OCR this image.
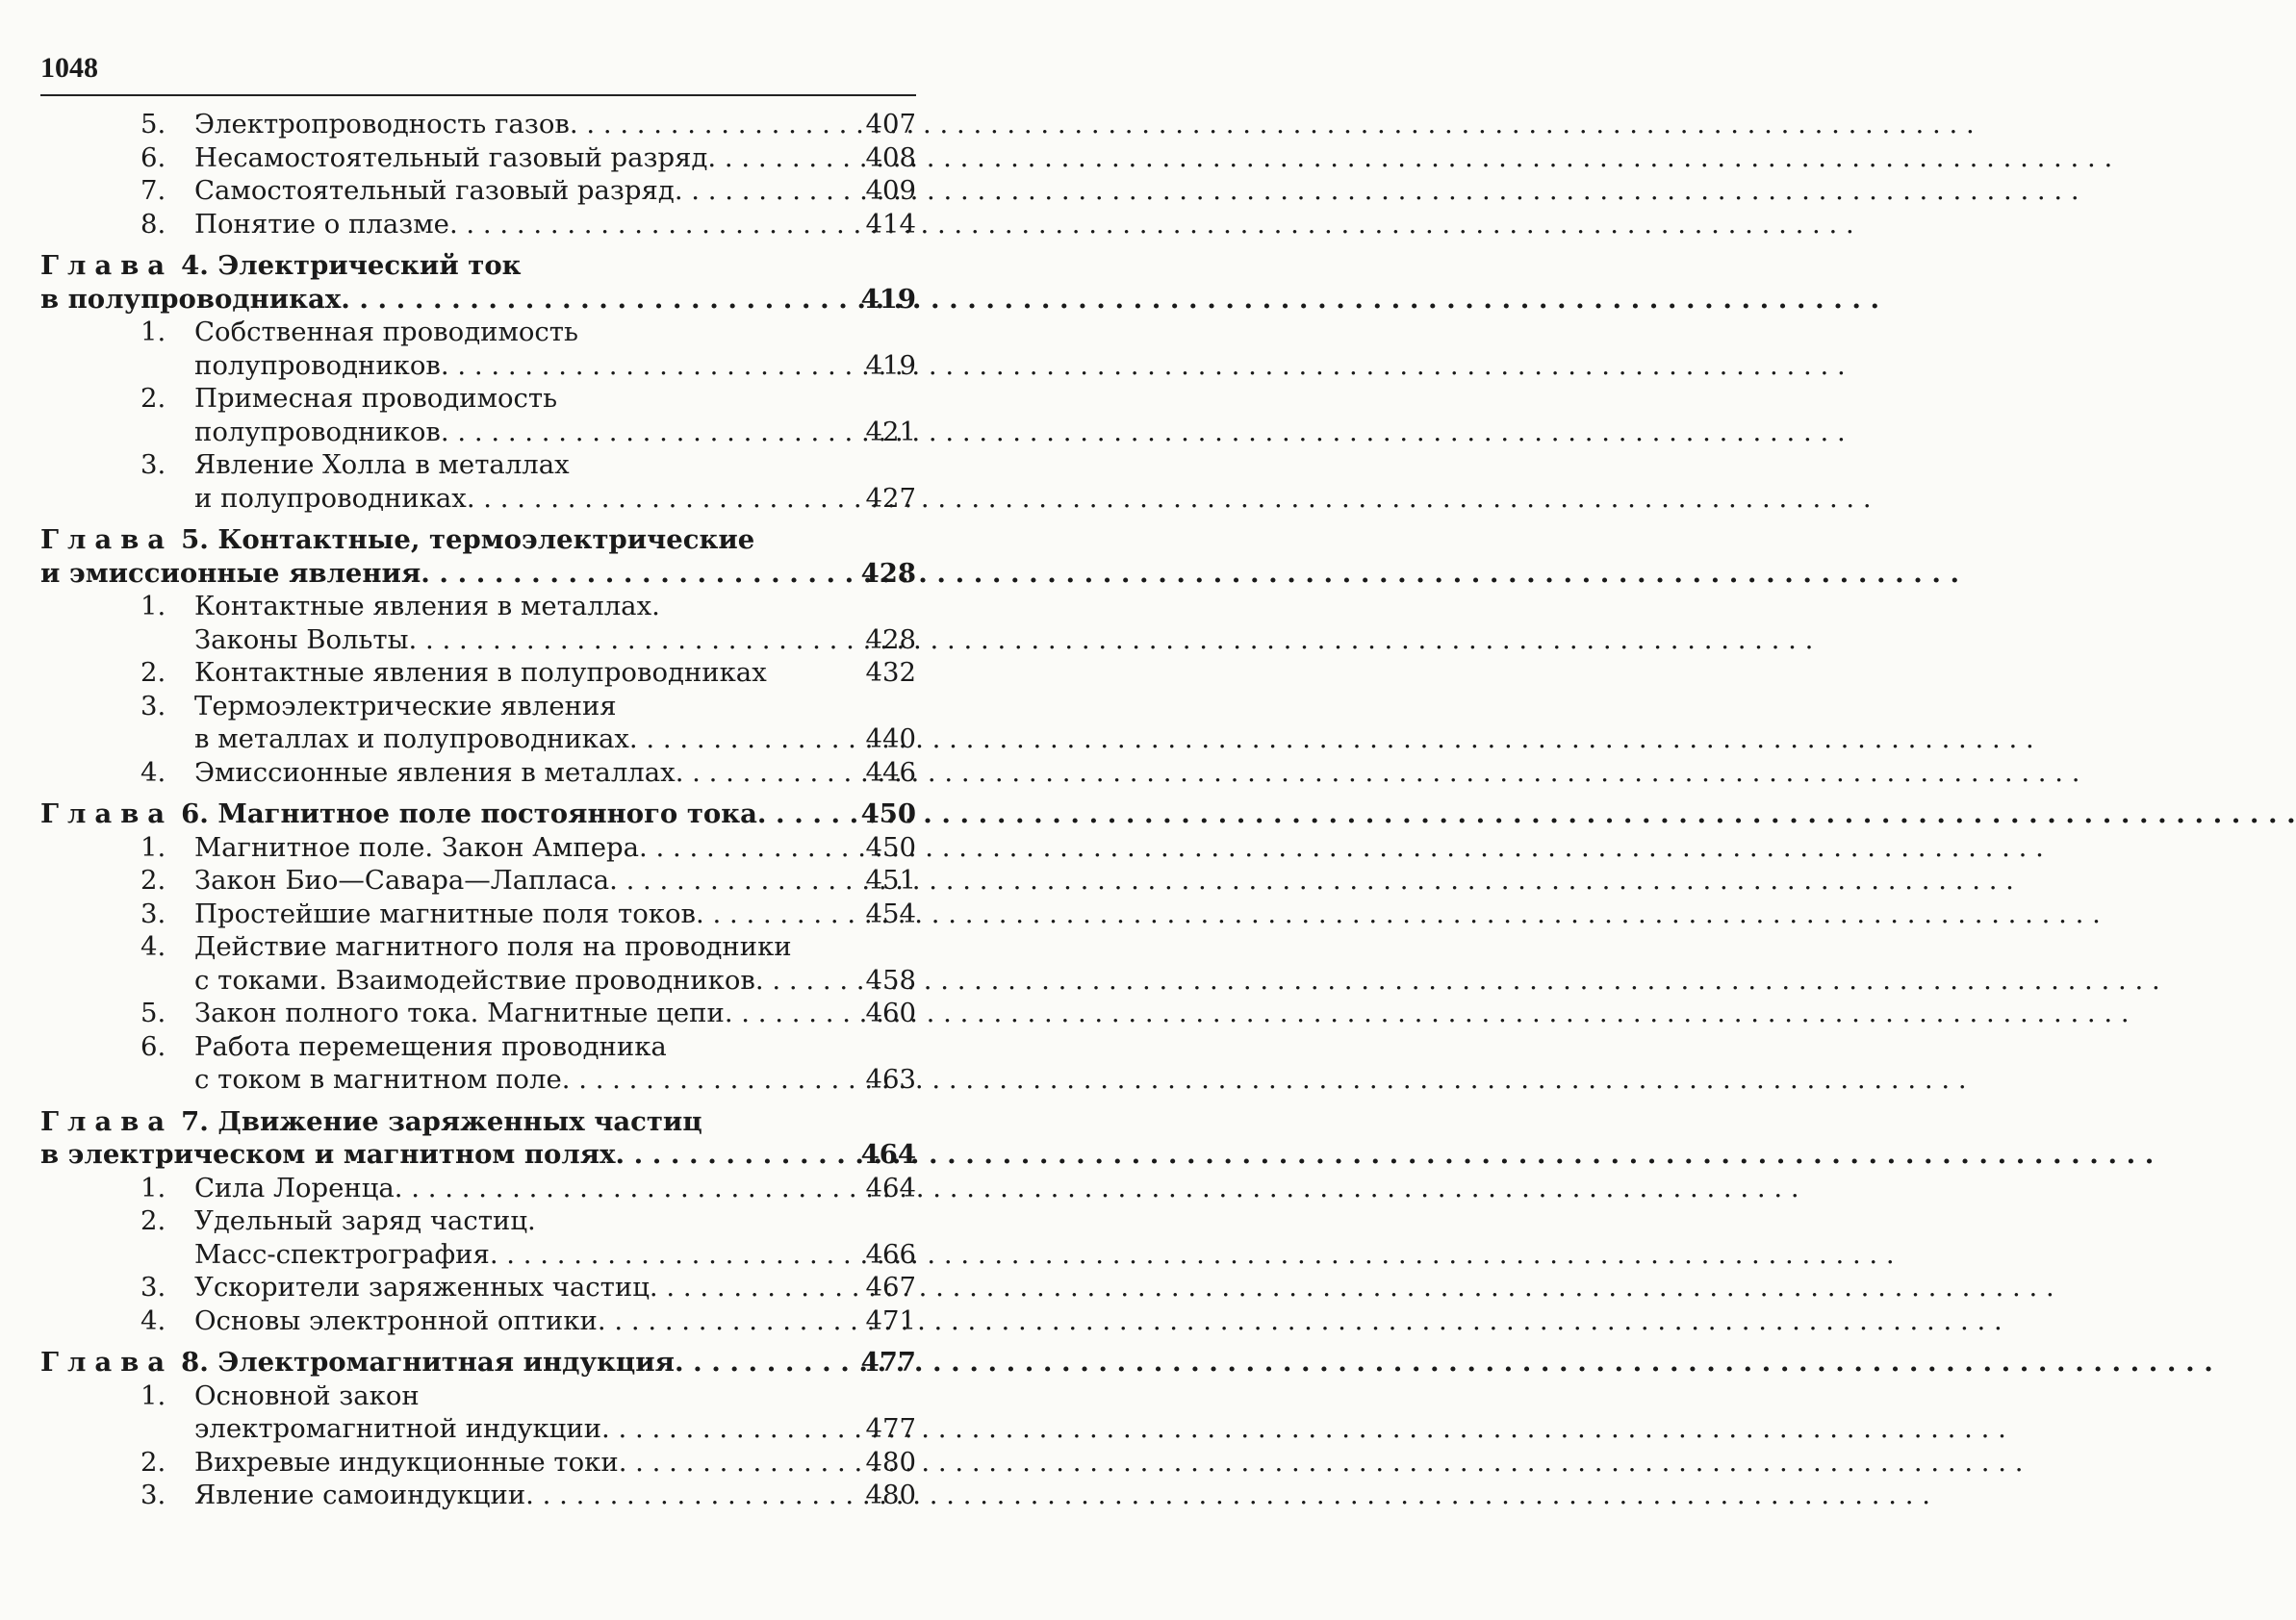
1048
5.	Электропроводность газов . . .	407
6.	Несамостоятельный газовый разряд . . .	408
7.	Самостоятельный газовый разряд . . .	409
8.	Понятие о плазме . . .	414
Глава 4. Электрический ток
в полупроводниках . . .	419
1.	Собственная проводимость
полупроводников . . .	419
2.	Примесная проводимость
полупроводников . . .	421
3.	Явление Холла в металлах
и полупроводниках . . .	427
Глава 5. Контактные, термоэлектрические
и эмиссионные явления . . .	428
1.	Контактные явления в металлах.
Законы Вольты . . .	428
2.	Контактные явления в полупроводниках	432
3.	Термоэлектрические явления
в металлах и полупроводниках . . .	440
4.	Эмиссионные явления в металлах . . .	446
Глава 6. Магнитное поле постоянного тока . . .	450
1.	Магнитное поле. Закон Ампера . . .	450
2.	Закон Био—Савара—Лапласа . . .	451
3.	Простейшие магнитные поля токов . . .	454
4.	Действие магнитного поля на проводники
с токами. Взаимодействие проводников . . .	458
5.	Закон полного тока. Магнитные цепи . . .	460
6.	Работа перемещения проводника
с током в магнитном поле . . .	463
Глава 7. Движение заряженных частиц
в электрическом и магнитном полях . . .	464
1.	Сила Лоренца . . .	464
2.	Удельный заряд частиц.
Масс-спектрография . . .	466
3.	Ускорители заряженных частиц . . .	467
4.	Основы электронной оптики . . .	471
Глава 8. Электромагнитная индукция . . .	477
1.	Основной закон
электромагнитной индукции . . .	477
2.	Вихревые индукционные токи . . .	480
3.	Явление самоиндукции . . .	480
